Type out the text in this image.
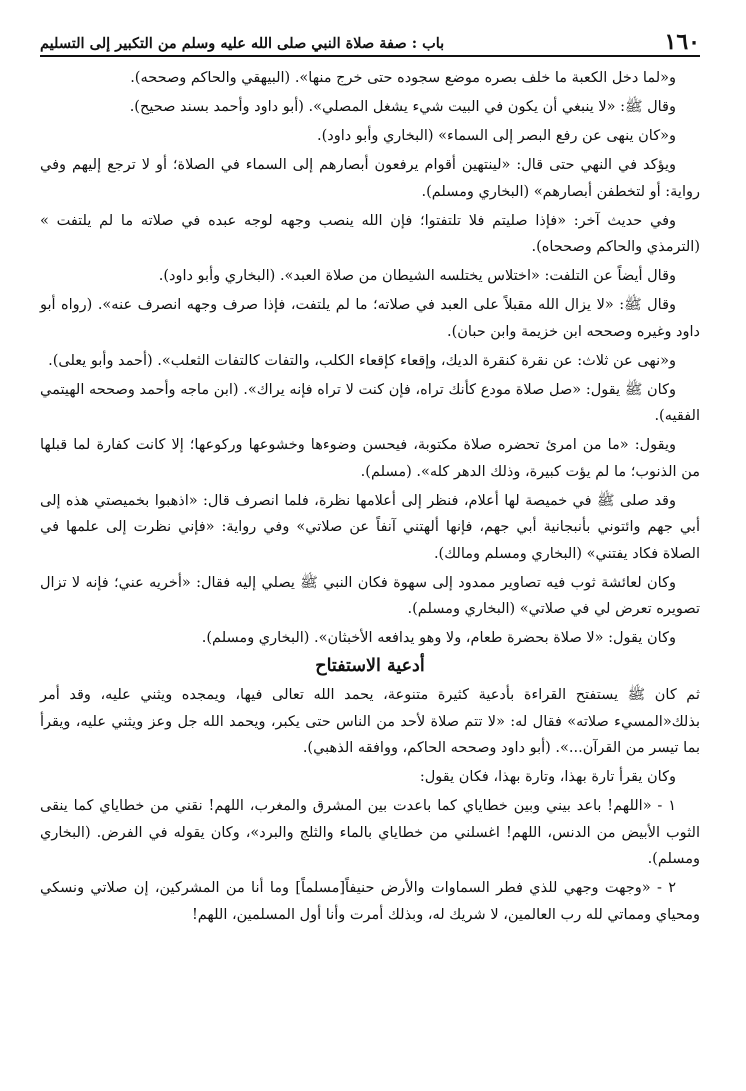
١٦٠
باب : صفة صلاة النبي صلى الله عليه وسلم من التكبير إلى التسليم

و«لما دخل الكعبة ما خلف بصره موضع سجوده حتى خرج منها». (البيهقي والحاكم وصححه).

وقال ﷺ: «لا ينبغي أن يكون في البيت شيء يشغل المصلي». (أبو داود وأحمد بسند صحيح).

و«كان ينهى عن رفع البصر إلى السماء» (البخاري وأبو داود).

ويؤكد في النهي حتى قال: «لينتهين أقوام يرفعون أبصارهم إلى السماء في الصلاة؛ أو لا ترجع إليهم وفي رواية: أو لتخطفن أبصارهم» (البخاري ومسلم).

وفي حديث آخر: «فإذا صليتم فلا تلتفتوا؛ فإن الله ينصب وجهه لوجه عبده في صلاته ما لم يلتفت » (الترمذي والحاكم وصححاه).

وقال أيضاً عن التلفت: «اختلاس يختلسه الشيطان من صلاة العبد». (البخاري وأبو داود).

وقال ﷺ: «لا يزال الله مقبلاً على العبد في صلاته؛ ما لم يلتفت، فإذا صرف وجهه انصرف عنه». (رواه أبو داود وغيره وصححه ابن خزيمة وابن حبان).

و«نهى عن ثلاث: عن نقرة كنقرة الديك، وإقعاء كإقعاء الكلب، والتفات كالتفات الثعلب». (أحمد وأبو يعلى).

وكان ﷺ يقول: «صل صلاة مودع كأنك تراه، فإن كنت لا تراه فإنه يراك». (ابن ماجه وأحمد وصححه الهيتمي الفقيه).

ويقول: «ما من امرئ تحضره صلاة مكتوبة، فيحسن وضوءها وخشوعها وركوعها؛ إلا كانت كفارة لما قبلها من الذنوب؛ ما لم يؤت كبيرة، وذلك الدهر كله». (مسلم).

وقد صلى ﷺ في خميصة لها أعلام، فنظر إلى أعلامها نظرة، فلما انصرف قال: «اذهبوا بخميصتي هذه إلى أبي جهم وائتوني بأنبجانية أبي جهم، فإنها ألهتني آنفاً عن صلاتي» وفي رواية: «فإني نظرت إلى علمها في الصلاة فكاد يفتني» (البخاري ومسلم ومالك).

وكان لعائشة ثوب فيه تصاوير ممدود إلى سهوة فكان النبي ﷺ يصلي إليه فقال: «أخريه عني؛ فإنه لا تزال تصويره تعرض لي في صلاتي» (البخاري ومسلم).

وكان يقول: «لا صلاة بحضرة طعام، ولا وهو يدافعه الأخبثان». (البخاري ومسلم).

أدعية الاستفتاح

ثم كان ﷺ يستفتح القراءة بأدعية كثيرة متنوعة، يحمد الله تعالى فيها، ويمجده ويثني عليه، وقد أمر بذلك«المسيء صلاته» فقال له: «لا تتم صلاة لأحد من الناس حتى يكبر، ويحمد الله جل وعز ويثني عليه، ويقرأ بما تيسر من القرآن...». (أبو داود وصححه الحاكم، ووافقه الذهبي).

وكان يقرأ تارة بهذا، وتارة بهذا، فكان يقول:

١ - «اللهم! باعد بيني وبين خطاياي كما باعدت بين المشرق والمغرب، اللهم! نقني من خطاياي كما ينقى الثوب الأبيض من الدنس، اللهم! اغسلني من خطاياي بالماء والثلج والبرد»، وكان يقوله في الفرض. (البخاري ومسلم).

٢ - «وجهت وجهي للذي فطر السماوات والأرض حنيفاً[مسلماً] وما أنا من المشركين، إن صلاتي ونسكي ومحياي ومماتي لله رب العالمين، لا شريك له، وبذلك أمرت وأنا أول المسلمين، اللهم!
